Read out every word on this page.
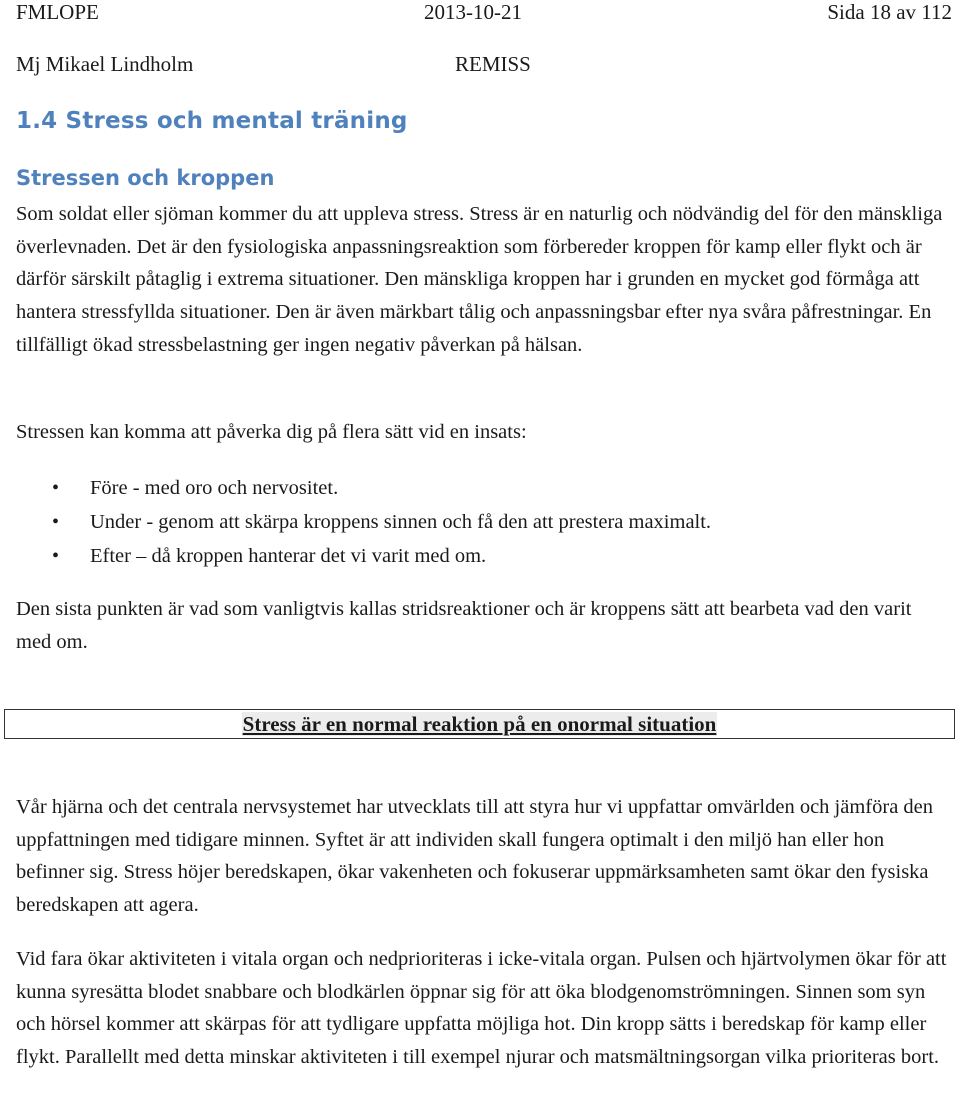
FMLOPE	2013-10-21	Sida 18 av 112
Mj Mikael Lindholm	REMISS
1.4 Stress och mental träning
Stressen och kroppen

Som soldat eller sjöman kommer du att uppleva stress. Stress är en naturlig och nödvändig del för den mänskliga överlevnaden. Det är den fysiologiska anpassningsreaktion som förbereder kroppen för kamp eller flykt och är därför särskilt påtaglig i extrema situationer. Den mänskliga kroppen har i grunden en mycket god förmåga att hantera stressfyllda situationer. Den är även märkbart tålig och anpassningsbar efter nya svåra påfrestningar. En tillfälligt ökad stressbelastning ger ingen negativ påverkan på hälsan.

Stressen kan komma att påverka dig på flera sätt vid en insats:

• Före - med oro och nervositet.
• Under - genom att skärpa kroppens sinnen och få den att prestera maximalt.
• Efter – då kroppen hanterar det vi varit med om.

Den sista punkten är vad som vanligtvis kallas stridsreaktioner och är kroppens sätt att bearbeta vad den varit med om.

Stress är en normal reaktion på en onormal situation

Vår hjärna och det centrala nervsystemet har utvecklats till att styra hur vi uppfattar omvärlden och jämföra den uppfattningen med tidigare minnen. Syftet är att individen skall fungera optimalt i den miljö han eller hon befinner sig. Stress höjer beredskapen, ökar vakenheten och fokuserar uppmärksamheten samt ökar den fysiska beredskapen att agera.

Vid fara ökar aktiviteten i vitala organ och nedprioriteras i icke-vitala organ. Pulsen och hjärtvolymen ökar för att kunna syresätta blodet snabbare och blodkärlen öppnar sig för att öka blodgenomströmningen. Sinnen som syn och hörsel kommer att skärpas för att tydligare uppfatta möjliga hot. Din kropp sätts i beredskap för kamp eller flykt. Parallellt med detta minskar aktiviteten i till exempel njurar och matsmältningsorgan vilka prioriteras bort.
